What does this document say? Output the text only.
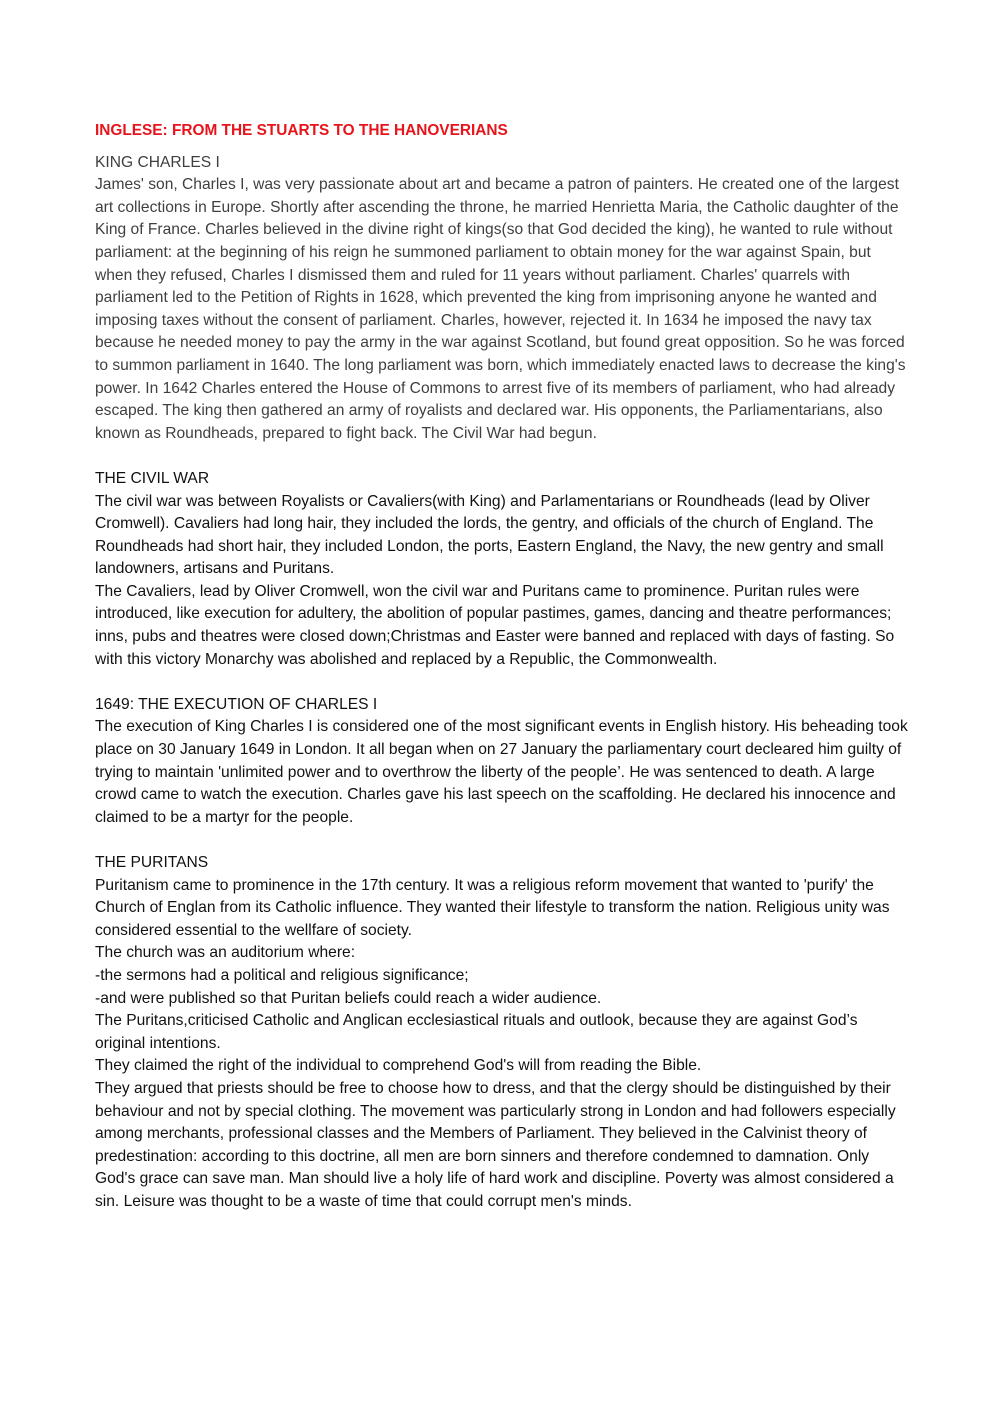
INGLESE: FROM THE STUARTS TO THE HANOVERIANS
KING CHARLES I
James' son, Charles I, was very passionate about art and became a patron of painters. He created one of the largest art collections in Europe. Shortly after ascending the throne, he married Henrietta Maria, the Catholic daughter of the King of France. Charles believed in the divine right of kings(so that God decided the king), he wanted to rule without parliament: at the beginning of his reign he summoned parliament to obtain money for the war against Spain, but when they refused, Charles I dismissed them and ruled for 11 years without parliament. Charles' quarrels with parliament led to the Petition of Rights in 1628, which prevented the king from imprisoning anyone he wanted and imposing taxes without the consent of parliament. Charles, however, rejected it. In 1634 he imposed the navy tax because he needed money to pay the army in the war against Scotland, but found great opposition. So he was forced to summon parliament in 1640. The long parliament was born, which immediately enacted laws to decrease the king's power. In 1642 Charles entered the House of Commons to arrest five of its members of parliament, who had already escaped. The king then gathered an army of royalists and declared war. His opponents, the Parliamentarians, also known as Roundheads, prepared to fight back. The Civil War had begun.
THE CIVIL WAR
The civil war was between Royalists or Cavaliers(with King) and Parlamentarians or Roundheads (lead by Oliver Cromwell). Cavaliers had long hair, they included the lords, the gentry, and officials of the church of England. The Roundheads had short hair, they included London, the ports, Eastern England, the Navy, the new gentry and small landowners, artisans and Puritans.
The Cavaliers, lead by Oliver Cromwell, won the civil war and Puritans came to prominence. Puritan rules were introduced, like execution for adultery, the abolition of popular pastimes, games, dancing and theatre performances; inns, pubs and theatres were closed down;Christmas and Easter were banned and replaced with days of fasting. So with this victory Monarchy was abolished and replaced by a Republic, the Commonwealth.
1649: THE EXECUTION OF CHARLES I
The execution of King Charles I is considered one of the most significant events in English history. His beheading took place on 30 January 1649 in London. It all began when on 27 January the parliamentary court decleared him guilty of trying to maintain 'unlimited power and to overthrow the liberty of the people’. He was sentenced to death. A large crowd came to watch the execution. Charles gave his last speech on the scaffolding. He declared his innocence and claimed to be a martyr for the people.
THE PURITANS
Puritanism came to prominence in the 17th century. It was a religious reform movement that wanted to 'purify' the Church of Englan from its Catholic influence. They wanted their lifestyle to transform the nation. Religious unity was considered essential to the wellfare of society.
The church was an auditorium where:
-the sermons had a political and religious significance;
-and were published so that Puritan beliefs could reach a wider audience.
The Puritans,criticised Catholic and Anglican ecclesiastical rituals and outlook, because they are against God’s original intentions.
They claimed the right of the individual to comprehend God's will from reading the Bible.
They argued that priests should be free to choose how to dress, and that the clergy should be distinguished by their behaviour and not by special clothing. The movement was particularly strong in London and had followers especially among merchants, professional classes and the Members of Parliament. They believed in the Calvinist theory of predestination: according to this doctrine, all men are born sinners and therefore condemned to damnation. Only God's grace can save man. Man should live a holy life of hard work and discipline. Poverty was almost considered a sin. Leisure was thought to be a waste of time that could corrupt men's minds.
